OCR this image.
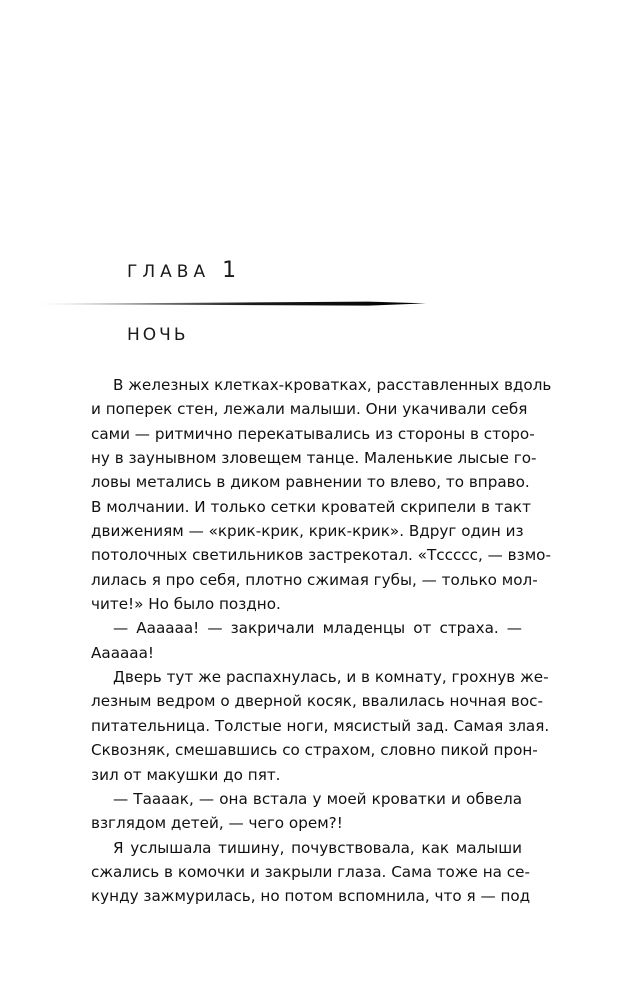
ГЛАВА 1
НОЧЬ
В железных клетках-кроватках, расставленных вдоль
и поперек стен, лежали малыши. Они укачивали себя
сами — ритмично перекатывались из стороны в сторо-
ну в заунывном зловещем танце. Маленькие лысые го-
ловы метались в диком равнении то влево, то вправо.
В молчании. И только сетки кроватей скрипели в такт
движениям — «крик-крик, крик-крик». Вдруг один из
потолочных светильников застрекотал. «Тссссс, — взмо-
лилась я про себя, плотно сжимая губы, — только мол-
чите!» Но было поздно.
— Аааааа! — закричали младенцы от страха. —
Аааааа!
Дверь тут же распахнулась, и в комнату, грохнув же-
лезным ведром о дверной косяк, ввалилась ночная вос-
питательница. Толстые ноги, мясистый зад. Самая злая.
Сквозняк, смешавшись со страхом, словно пикой прон-
зил от макушки до пят.
— Таааак, — она встала у моей кроватки и обвела
взглядом детей, — чего орем?!
Я услышала тишину, почувствовала, как малыши
сжались в комочки и закрыли глаза. Сама тоже на се-
кунду зажмурилась, но потом вспомнила, что я — под
